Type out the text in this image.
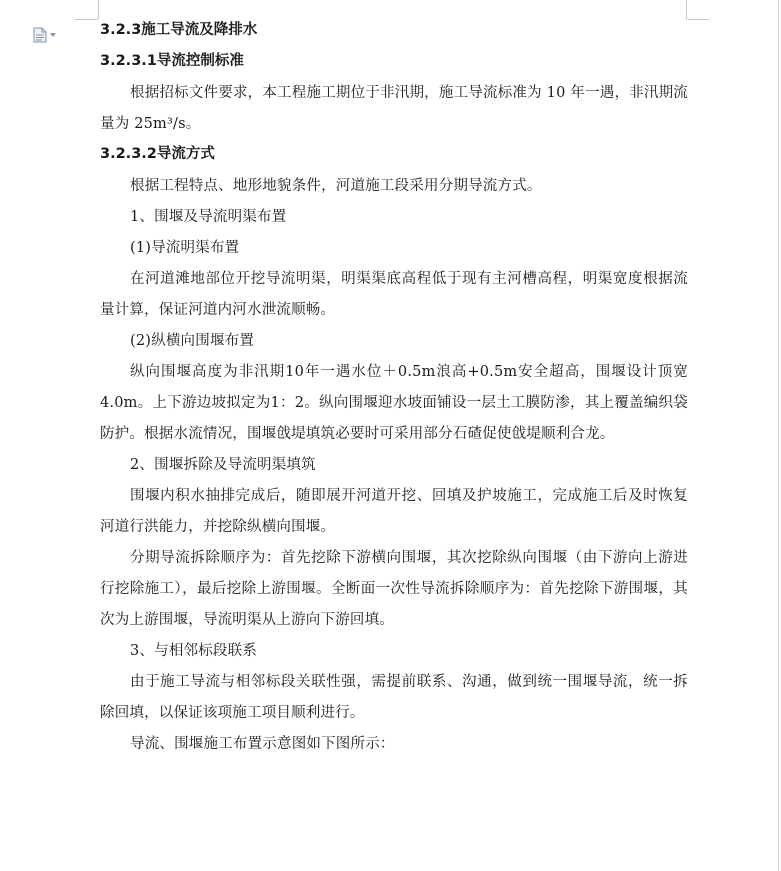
3.2.3施工导流及降排水

3.2.3.1导流控制标准

根据招标文件要求，本工程施工期位于非汛期，施工导流标准为 10 年一遇，非汛期流量为 25m³/s。

3.2.3.2导流方式

根据工程特点、地形地貌条件，河道施工段采用分期导流方式。

1、围堰及导流明渠布置

(1)导流明渠布置

在河道滩地部位开挖导流明渠，明渠渠底高程低于现有主河槽高程，明渠宽度根据流量计算，保证河道内河水泄流顺畅。

(2)纵横向围堰布置

纵向围堰高度为非汛期10年一遇水位＋0.5m浪高+0.5m安全超高，围堰设计顶宽4.0m。上下游边坡拟定为1：2。纵向围堰迎水坡面铺设一层土工膜防渗，其上覆盖编织袋防护。根据水流情况，围堰戗堤填筑必要时可采用部分石碴促使戗堤顺利合龙。

2、围堰拆除及导流明渠填筑

围堰内积水抽排完成后，随即展开河道开挖、回填及护坡施工，完成施工后及时恢复河道行洪能力，并挖除纵横向围堰。

分期导流拆除顺序为：首先挖除下游横向围堰，其次挖除纵向围堰（由下游向上游进行挖除施工），最后挖除上游围堰。全断面一次性导流拆除顺序为：首先挖除下游围堰，其次为上游围堰，导流明渠从上游向下游回填。

3、与相邻标段联系

由于施工导流与相邻标段关联性强，需提前联系、沟通，做到统一围堰导流，统一拆除回填，以保证该项施工项目顺利进行。

导流、围堰施工布置示意图如下图所示：
